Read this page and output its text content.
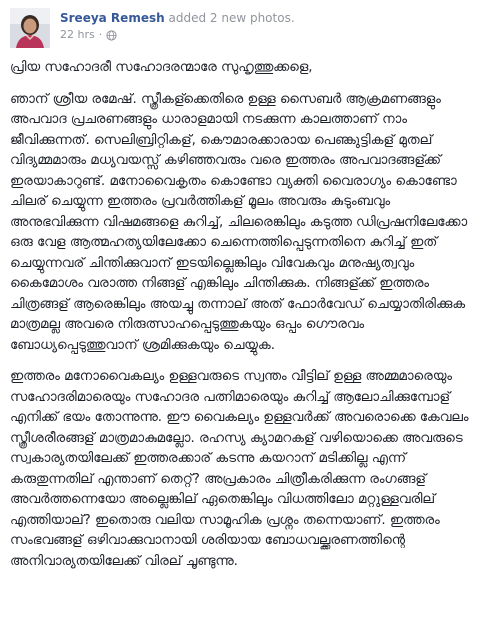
Sreeya Remesh added 2 new photos.
22 hrs ·

പ്രിയ സഹോദരീ സഹോദരന്മാരേ സുഹൃത്തുക്കളെ,

ഞാന് ശ്രീയ രമേഷ്. സ്ത്രീകള്ക്കെതിരെ ഉള്ള സൈബർ ആക്രമണങ്ങളും അപവാദ പ്രചരണങ്ങളും ധാരാളമായി നടക്കുന്ന കാലത്താണ് നാം ജീവിക്കുന്നത്. സെലിബ്രിറ്റികള്, കൌമാരക്കാരായ പെണ്കുട്ടികള് മുതല് വിദ്യമ്മമാരും മധ്യവയസ്സ് കഴിഞ്ഞവരും വരെ ഇത്തരം അപവാദങ്ങള്ക്ക് ഇരയാകാറുണ്ട്. മനോവൈകൃതം കൊണ്ടോ വ്യക്തി വൈരാഗ്യം കൊണ്ടോ ചിലര് ചെയ്യുന്ന ഇത്തരം പ്രവർത്തികള് മൂലം അവരും കുടുംബവും അനുഭവിക്കുന്ന വിഷമങ്ങളെ കുറിച്ച്, ചിലരെങ്കിലും കടുത്ത ഡിപ്രഷനിലേക്കോ ഒരു വേള ആത്മഹത്യയിലേക്കോ ചെന്നെത്തിപ്പെടുന്നതിനെ കുറിച്ച് ഇത് ചെയ്യുന്നവര് ചിന്തിക്കുവാന് ഇടയില്ലെങ്കിലും വിവേകവും മനുഷ്യത്വവും കൈമോശം വരാത്ത നിങ്ങള് എങ്കിലും ചിന്തിക്കുക. നിങ്ങള്ക്ക് ഇത്തരം ചിത്രങ്ങള് ആരെങ്കിലും അയച്ചു തന്നാല് അത് ഫോർവേഡ് ചെയ്യാതിരിക്കുക മാത്രമല്ല അവരെ നിരുത്സാഹപ്പെടുത്തുകയും ഒപ്പം ഗൌരവം ബോധ്യപ്പെടുത്തുവാന് ശ്രമിക്കുകയും ചെയ്യുക.

ഇത്തരം മനോവൈകല്യം ഉള്ളവരുടെ സ്വന്തം വീട്ടില് ഉള്ള അമ്മമാരെയും സഹോദരിമാരെയും സഹോദര പത്നിമാരെയും കുറിച്ച് ആലോചിക്കുമ്പോള് എനിക്ക് ഭയം തോന്നുന്നു. ഈ വൈകല്യം ഉള്ളവർക്ക് അവരൊക്കെ കേവലം സ്ത്രീശരീരങ്ങള് മാത്രമാകുമല്ലോ. രഹസ്യ ക്യാമറകള് വഴിയൊക്കെ അവരുടെ സ്വകാര്യതയിലേക്ക് ഇത്തരക്കാര് കടന്നു കയറാന് മടിക്കില്ല എന്ന് കരുതുന്നതില് എന്താണ് തെറ്റ്? അപ്രകാരം ചിത്രീകരിക്കുന്ന രംഗങ്ങള് അവർത്തന്നെയോ അല്ലെങ്കില് ഏതെങ്കിലും വിധത്തിലോ മറ്റുള്ളവരില് എത്തിയാല്? ഇതൊരു വലിയ സാമൂഹിക പ്രശ്നം തന്നെയാണ്. ഇത്തരം സംഭവങ്ങള് ഒഴിവാക്കുവാനായി ശരിയായ ബോധവല്ക്കരണത്തിന്റെ അനിവാര്യതയിലേക്ക് വിരല് ചൂണ്ടുന്നു.
